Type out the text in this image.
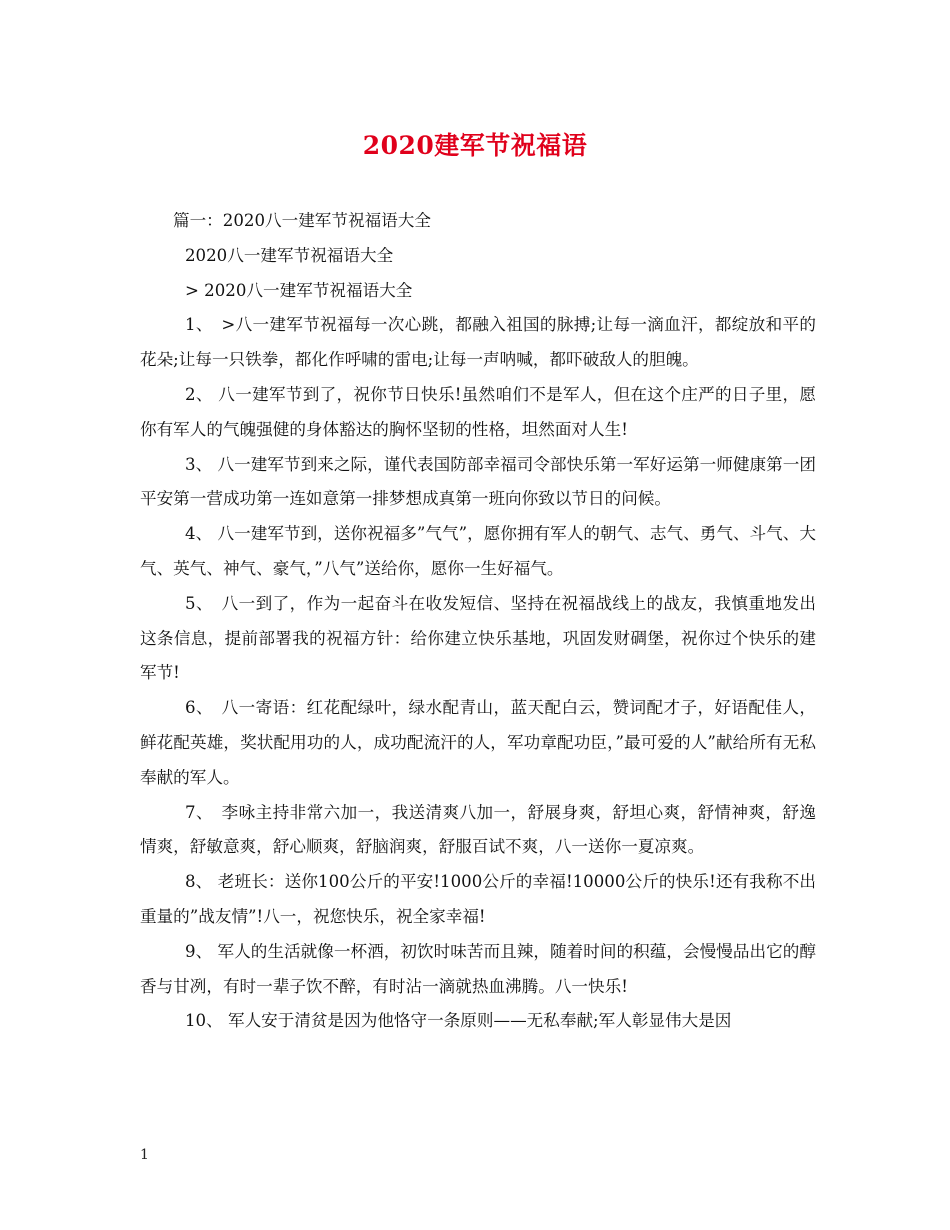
2020建军节祝福语

篇一：2020八一建军节祝福语大全

2020八一建军节祝福语大全

> 2020八一建军节祝福语大全

1、　>八一建军节祝福每一次心跳，都融入祖国的脉搏;让每一滴血汗，都绽放和平的花朵;让每一只铁拳，都化作呼啸的雷电;让每一声呐喊，都吓破敌人的胆魄。

2、 八一建军节到了，祝你节日快乐!虽然咱们不是军人，但在这个庄严的日子里，愿你有军人的气魄强健的身体豁达的胸怀坚韧的性格，坦然面对人生!

3、 八一建军节到来之际，谨代表国防部幸福司令部快乐第一军好运第一师健康第一团平安第一营成功第一连如意第一排梦想成真第一班向你致以节日的问候。

4、 八一建军节到，送你祝福多”气气”，愿你拥有军人的朝气、志气、勇气、斗气、大气、英气、神气、豪气，”八气”送给你，愿你一生好福气。

5、　八一到了，作为一起奋斗在收发短信、坚持在祝福战线上的战友，我慎重地发出这条信息，提前部署我的祝福方针：给你建立快乐基地，巩固发财碉堡，祝你过个快乐的建军节!

6、　八一寄语：红花配绿叶，绿水配青山，蓝天配白云，赞词配才子，好语配佳人，鲜花配英雄，奖状配用功的人，成功配流汗的人，军功章配功臣，”最可爱的人”献给所有无私奉献的军人。

7、　李咏主持非常六加一，我送清爽八加一，舒展身爽，舒坦心爽，舒情神爽，舒逸情爽，舒敏意爽，舒心顺爽，舒脑润爽，舒服百试不爽，八一送你一夏凉爽。

8、 老班长：送你100公斤的平安!1000公斤的幸福!10000公斤的快乐!还有我称不出重量的”战友情”!八一，祝您快乐，祝全家幸福!

9、 军人的生活就像一杯酒，初饮时味苦而且辣，随着时间的积蕴，会慢慢品出它的醇香与甘冽，有时一辈子饮不醉，有时沾一滴就热血沸腾。八一快乐!

10、 军人安于清贫是因为他恪守一条原则——无私奉献;军人彰显伟大是因

1
